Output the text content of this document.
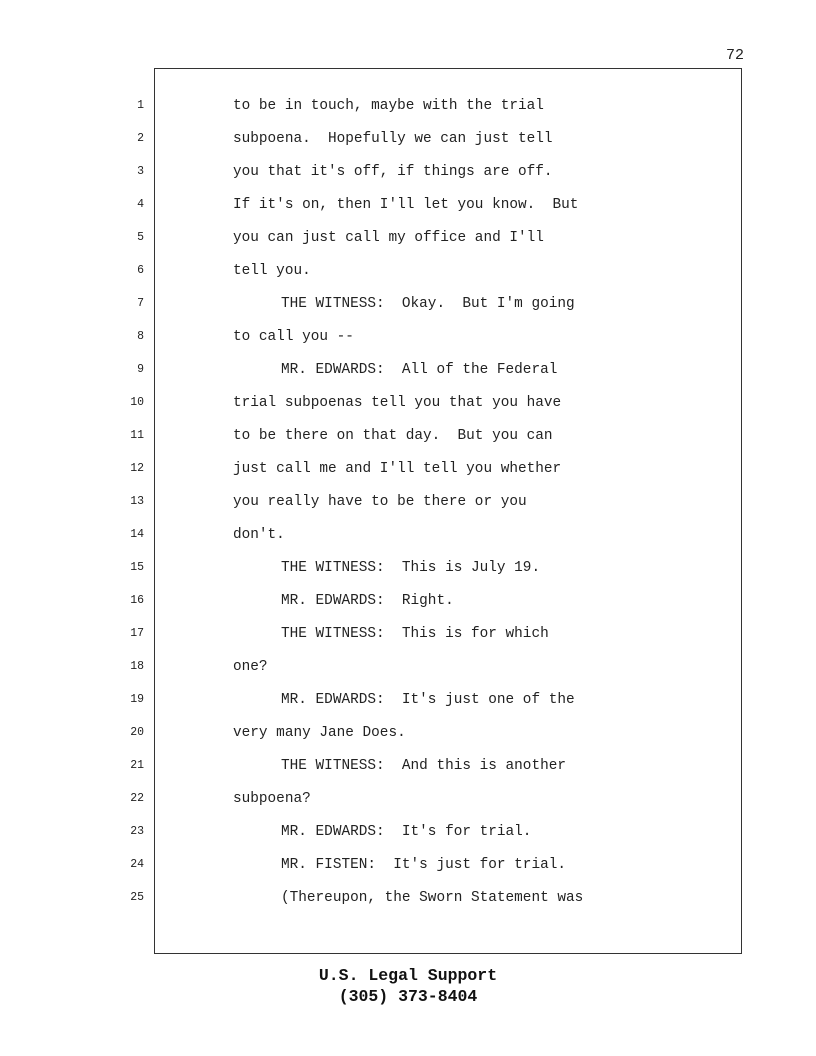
72
1	to be in touch, maybe with the trial
2	subpoena.  Hopefully we can just tell
3	you that it's off, if things are off.
4	If it's on, then I'll let you know.  But
5	you can just call my office and I'll
6	tell you.
7	THE WITNESS:  Okay.  But I'm going
8	to call you --
9	MR. EDWARDS:  All of the Federal
10	trial subpoenas tell you that you have
11	to be there on that day.  But you can
12	just call me and I'll tell you whether
13	you really have to be there or you
14	don't.
15	THE WITNESS:  This is July 19.
16	MR. EDWARDS:  Right.
17	THE WITNESS:  This is for which
18	one?
19	MR. EDWARDS:  It's just one of the
20	very many Jane Does.
21	THE WITNESS:  And this is another
22	subpoena?
23	MR. EDWARDS:  It's for trial.
24	MR. FISTEN:  It's just for trial.
25	(Thereupon, the Sworn Statement was
U.S. Legal Support
(305) 373-8404
